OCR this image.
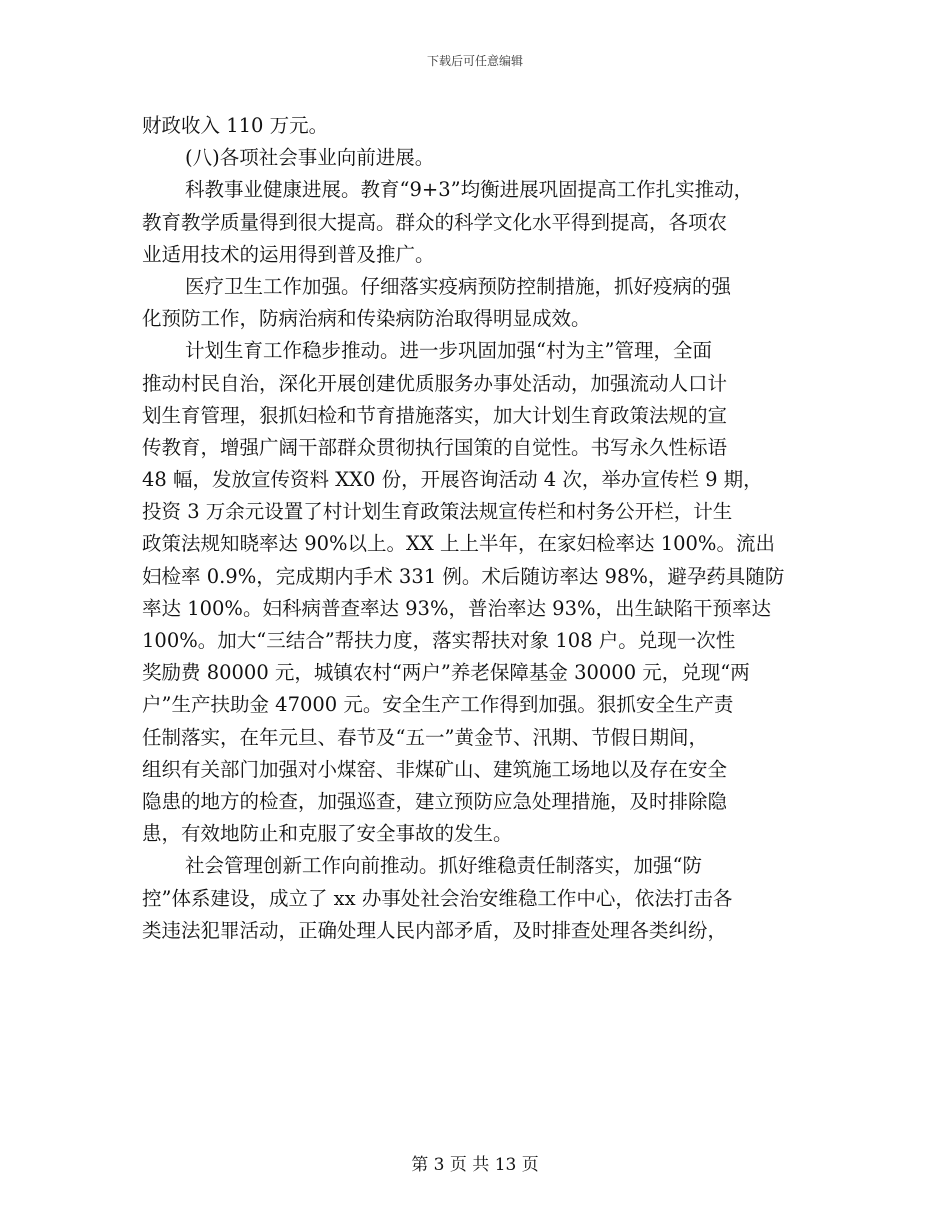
下载后可任意编辑
财政收入 110 万元。
(八)各项社会事业向前进展。
科教事业健康进展。教育“9+3”均衡进展巩固提高工作扎实推动，
教育教学质量得到很大提高。群众的科学文化水平得到提高，各项农
业适用技术的运用得到普及推广。
医疗卫生工作加强。仔细落实疫病预防控制措施，抓好疫病的强
化预防工作，防病治病和传染病防治取得明显成效。
计划生育工作稳步推动。进一步巩固加强“村为主”管理，全面
推动村民自治，深化开展创建优质服务办事处活动，加强流动人口计
划生育管理，狠抓妇检和节育措施落实，加大计划生育政策法规的宣
传教育，增强广阔干部群众贯彻执行国策的自觉性。书写永久性标语
48 幅，发放宣传资料 XX0 份，开展咨询活动 4 次，举办宣传栏 9 期，
投资 3 万余元设置了村计划生育政策法规宣传栏和村务公开栏，计生
政策法规知晓率达 90%以上。XX 上上半年，在家妇检率达 100%。流出
妇检率 0.9%，完成期内手术 331 例。术后随访率达 98%，避孕药具随防
率达 100%。妇科病普查率达 93%，普治率达 93%，出生缺陷干预率达
100%。加大“三结合”帮扶力度，落实帮扶对象 108 户。兑现一次性
奖励费 80000 元，城镇农村“两户”养老保障基金 30000 元，兑现“两
户”生产扶助金 47000 元。安全生产工作得到加强。狠抓安全生产责
任制落实，在年元旦、春节及“五一”黄金节、汛期、节假日期间，
组织有关部门加强对小煤窑、非煤矿山、建筑施工场地以及存在安全
隐患的地方的检查，加强巡查，建立预防应急处理措施，及时排除隐
患，有效地防止和克服了安全事故的发生。
社会管理创新工作向前推动。抓好维稳责任制落实，加强“防
控”体系建设，成立了 xx 办事处社会治安维稳工作中心，依法打击各
类违法犯罪活动，正确处理人民内部矛盾，及时排查处理各类纠纷，
第 3 页 共 13 页
